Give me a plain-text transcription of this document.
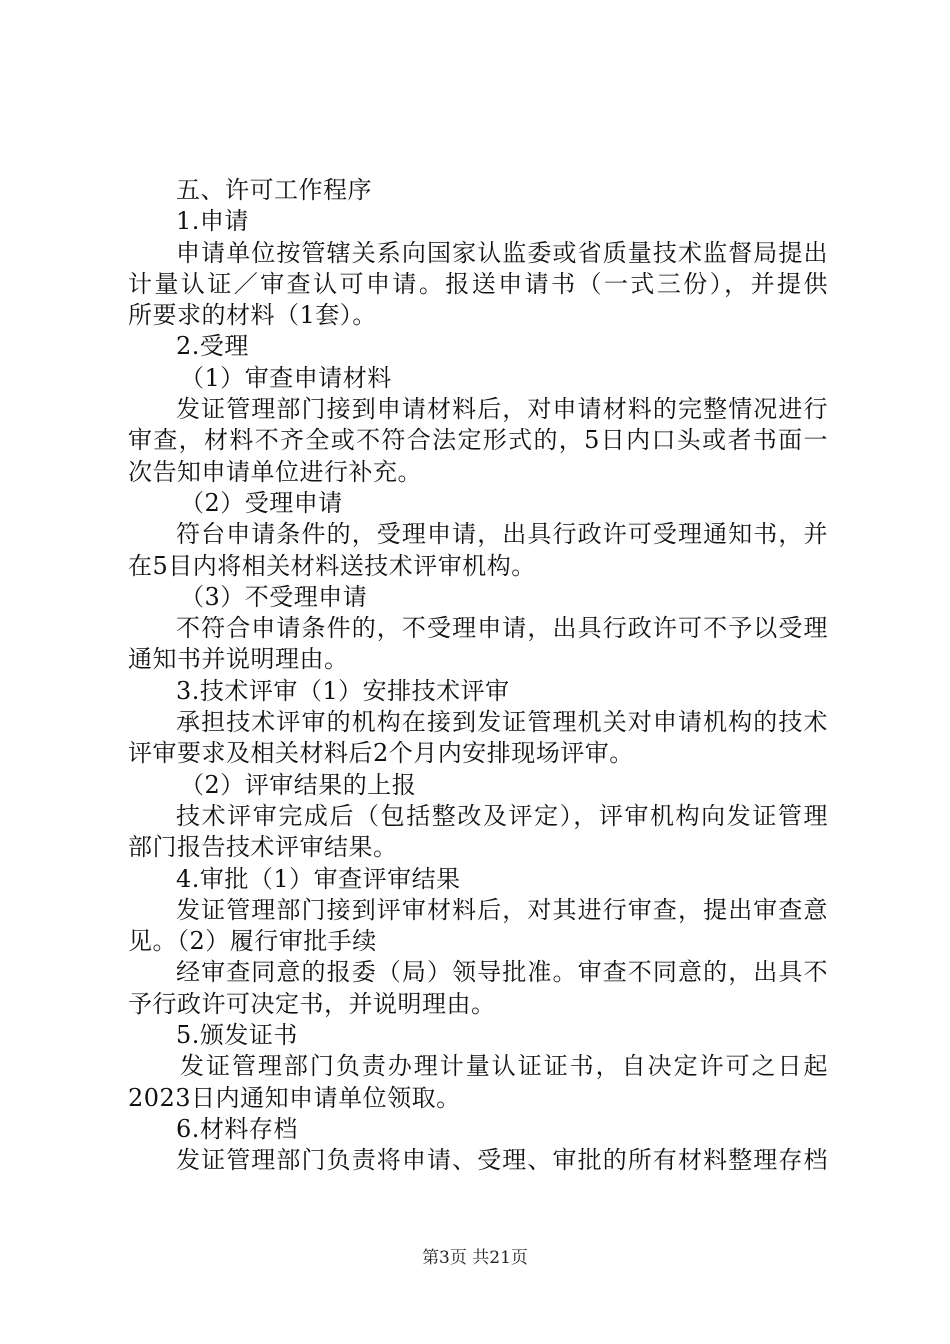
五、许可工作程序
1.申请
申请单位按管辖关系向国家认监委或省质量技术监督局提出
计量认证／审查认可申请。报送申请书（一式三份），并提供
所要求的材料（1套）。
2.受理
（1）审查申请材料
发证管理部门接到申请材料后，对申请材料的完整情况进行
审查，材料不齐全或不符合法定形式的，5日内口头或者书面一
次告知申请单位进行补充。
（2）受理申请
符台申请条件的，受理申请，出具行政许可受理通知书，并
在5目内将相关材料送技术评审机构。
（3）不受理申请
不符合申请条件的，不受理申请，出具行政许可不予以受理
通知书并说明理由。
3.技术评审（1）安排技术评审
承担技术评审的机构在接到发证管理机关对申请机构的技术
评审要求及相关材料后2个月内安排现场评审。
（2）评审结果的上报
技术评审完成后（包括整改及评定），评审机构向发证管理
部门报告技术评审结果。
4.审批（1）审查评审结果
发证管理部门接到评审材料后，对其进行审查，提出审查意
见。（2）履行审批手续
经审查同意的报委（局）领导批准。审查不同意的，出具不
予行政许可决定书，并说明理由。
5.颁发证书
发证管理部门负责办理计量认证证书，自决定许可之日起
2023日内通知申请单位领取。
6.材料存档
发证管理部门负责将申请、受理、审批的所有材料整理存档
第3页 共21页
